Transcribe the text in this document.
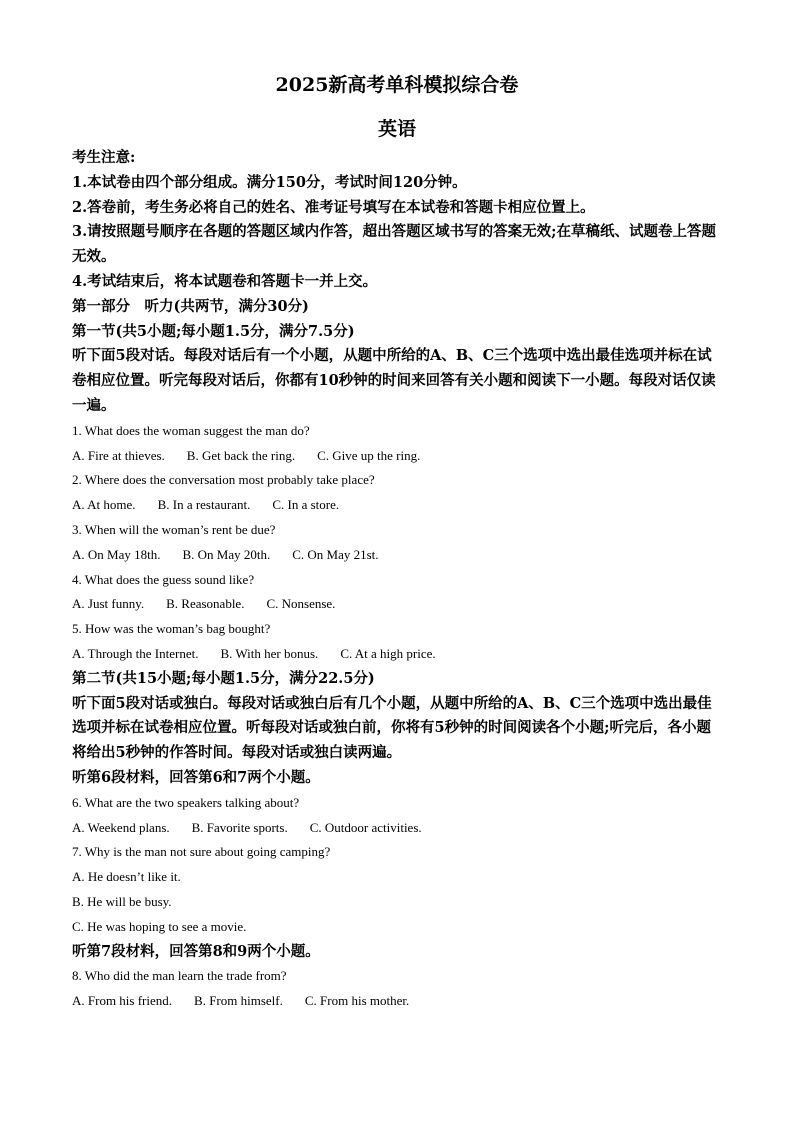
2025新高考单科模拟综合卷
英语

考生注意:

1.本试卷由四个部分组成。满分150分，考试时间120分钟。

2.答卷前，考生务必将自己的姓名、准考证号填写在本试卷和答题卡相应位置上。

3.请按照题号顺序在各题的答题区域内作答，超出答题区域书写的答案无效;在草稿纸、试题卷上答题无效。

4.考试结束后，将本试题卷和答题卡一并上交。

第一部分　听力(共两节，满分30分)

第一节(共5小题;每小题1.5分，满分7.5分)

听下面5段对话。每段对话后有一个小题，从题中所给的A、B、C三个选项中选出最佳选项并标在试卷相应位置。听完每段对话后，你都有10秒钟的时间来回答有关小题和阅读下一小题。每段对话仅读一遍。

1. What does the woman suggest the man do?

A. Fire at thieves. B. Get back the ring. C. Give up the ring.

2. Where does the conversation most probably take place?

A. At home. B. In a restaurant. C. In a store.

3. When will the woman’s rent be due?

A. On May 18th. B. On May 20th. C. On May 21st.

4. What does the guess sound like?

A. Just funny. B. Reasonable. C. Nonsense.

5. How was the woman’s bag bought?

A. Through the Internet. B. With her bonus. C. At a high price.

第二节(共15小题;每小题1.5分，满分22.5分)

听下面5段对话或独白。每段对话或独白后有几个小题，从题中所给的A、B、C三个选项中选出最佳选项并标在试卷相应位置。听每段对话或独白前，你将有5秒钟的时间阅读各个小题;听完后，各小题将给出5秒钟的作答时间。每段对话或独白读两遍。

听第6段材料，回答第6和7两个小题。

6. What are the two speakers talking about?

A. Weekend plans. B. Favorite sports. C. Outdoor activities.

7. Why is the man not sure about going camping?

A. He doesn’t like it.

B. He will be busy.

C. He was hoping to see a movie.

听第7段材料，回答第8和9两个小题。

8. Who did the man learn the trade from?

A. From his friend. B. From himself. C. From his mother.
